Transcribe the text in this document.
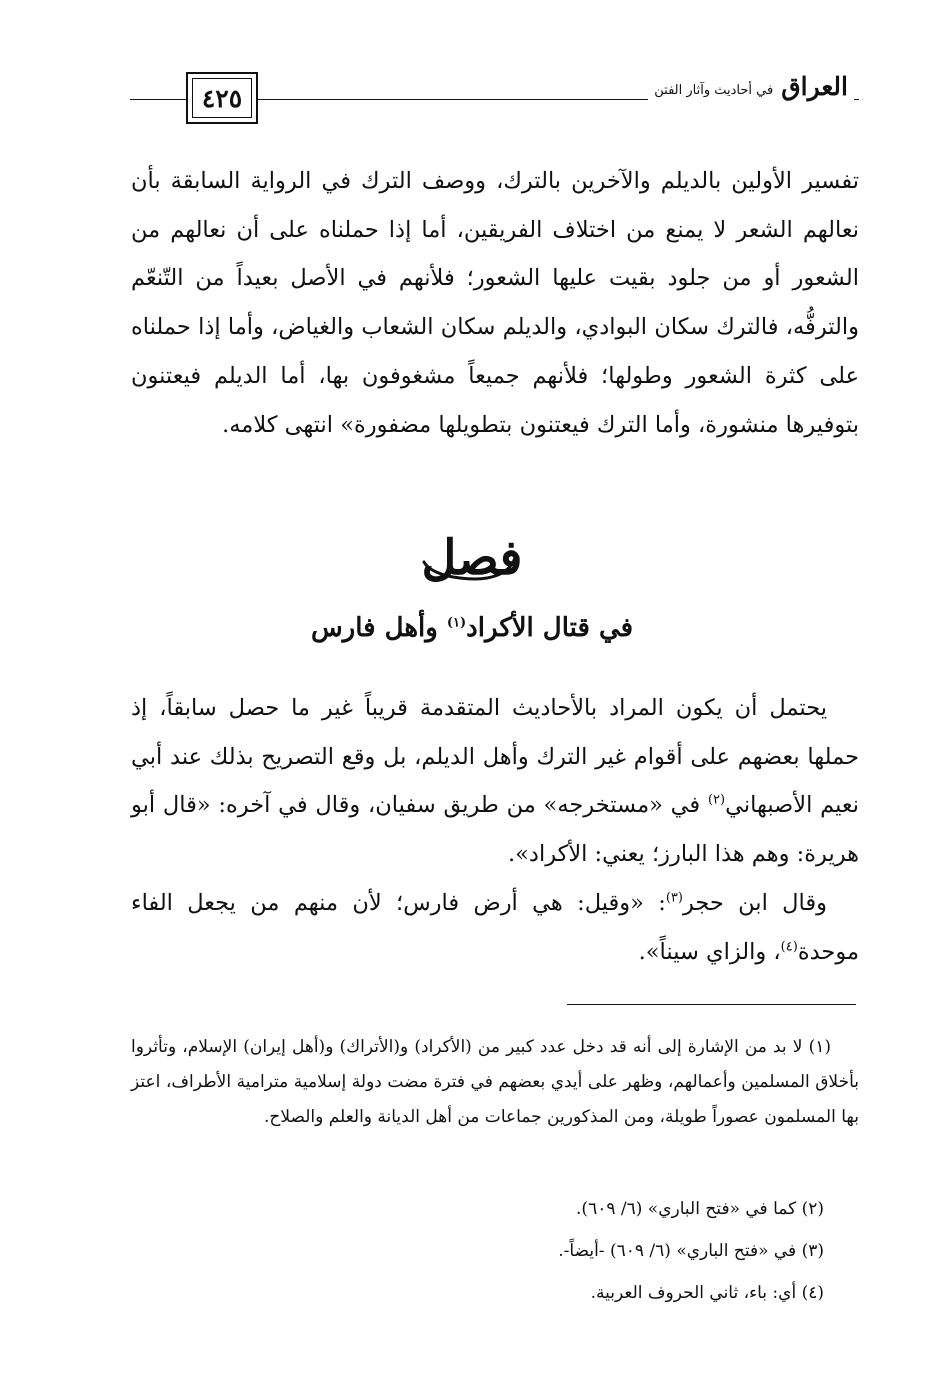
العراق
في أحاديث وآثار الفتن
٤٢٥

تفسير الأولين بالديلم والآخرين بالترك، ووصف الترك في الرواية السابقة بأن نعالهم الشعر لا يمنع من اختلاف الفريقين، أما إذا حملناه على أن نعالهم من الشعور أو من جلود بقيت عليها الشعور؛ فلأنهم في الأصل بعيداً من التّنعّم والترفُّه، فالترك سكان البوادي، والديلم سكان الشعاب والغياض، وأما إذا حملناه على كثرة الشعور وطولها؛ فلأنهم جميعاً مشغوفون بها، أما الديلم فيعتنون بتوفيرها منشورة، وأما الترك فيعتنون بتطويلها مضفورة» انتهى كلامه.

فصل
في قتال الأكراد$^{(١)}$ وأهل فارس

يحتمل أن يكون المراد بالأحاديث المتقدمة قريباً غير ما حصل سابقاً، إذ حملها بعضهم على أقوام غير الترك وأهل الديلم، بل وقع التصريح بذلك عند أبي نعيم الأصبهاني$^{(٢)}$ في «مستخرجه» من طريق سفيان، وقال في آخره: «قال أبو هريرة: وهم هذا البارز؛ يعني: الأكراد».

وقال ابن حجر$^{(٣)}$: «وقيل: هي أرض فارس؛ لأن منهم من يجعل الفاء موحدة$^{(٤)}$، والزاي سيناً».

(١) لا بد من الإشارة إلى أنه قد دخل عدد كبير من (الأكراد) و(الأتراك) و(أهل إيران) الإسلام، وتأثروا بأخلاق المسلمين وأعمالهم، وظهر على أيدي بعضهم في فترة مضت دولة إسلامية مترامية الأطراف، اعتز بها المسلمون عصوراً طويلة، ومن المذكورين جماعات من أهل الديانة والعلم والصلاح.

(٢) كما في «فتح الباري» (٦/ ٦٠٩).

(٣) في «فتح الباري» (٦/ ٦٠٩) -أيضاً-.

(٤) أي: باء، ثاني الحروف العربية.
